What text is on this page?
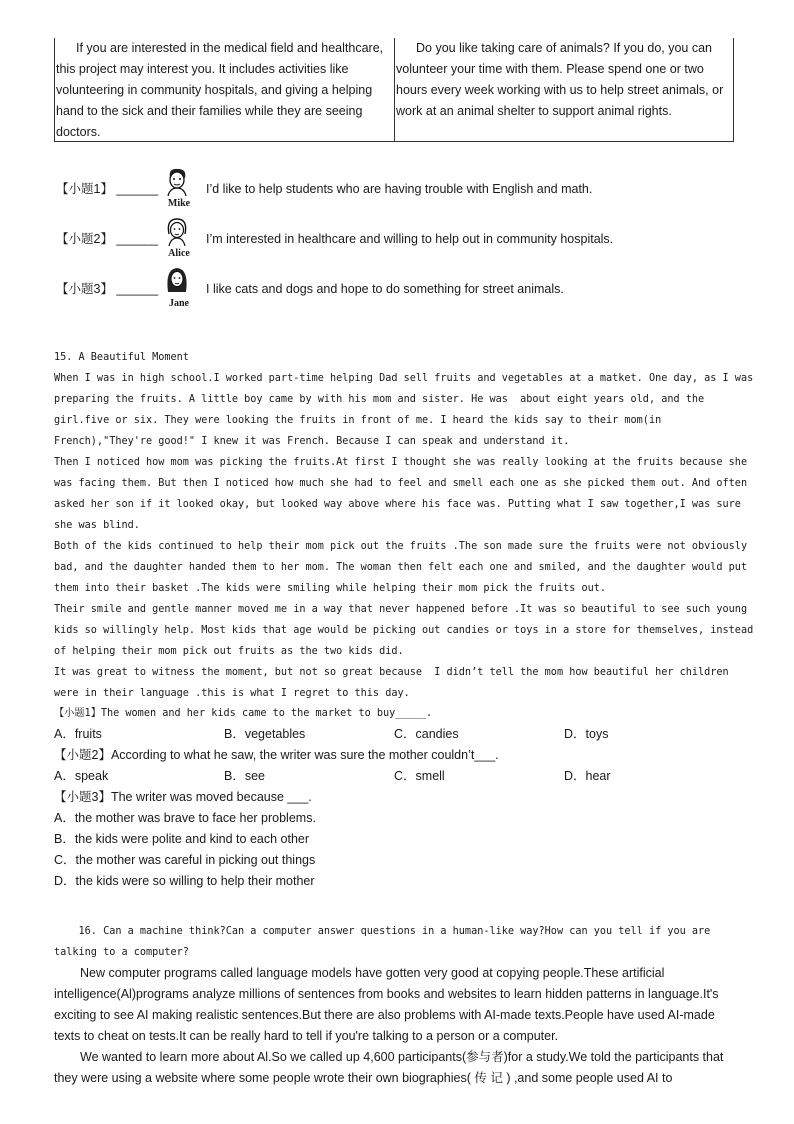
If you are interested in the medical field and healthcare, this project may interest you. It includes activities like volunteering in community hospitals, and giving a helping hand to the sick and their families while they are seeing doctors.

Do you like taking care of animals? If you do, you can volunteer your time with them. Please spend one or two hours every week working with us to help street animals, or work at an animal shelter to support animal rights.

【小题1】 ______
Mike
I’d like to help students who are having trouble with English and math.
【小题2】 ______
Alice
I’m interested in healthcare and willing to help out in community hospitals.
【小题3】 ______
Jane
I like cats and dogs and hope to do something for street animals.
15. A Beautiful Moment
When I was in high school.I worked part-time helping Dad sell fruits and vegetables at a matket. One day, as I was
preparing the fruits. A little boy came by with his mom and sister. He was  about eight years old, and the
girl.five or six. They were looking the fruits in front of me. I heard the kids say to their mom(in
French),"They're good!" I knew it was French. Because I can speak and understand it.
Then I noticed how mom was picking the fruits.At first I thought she was really looking at the fruits because she
was facing them. But then I noticed how much she had to feel and smell each one as she picked them out. And often
asked her son if it looked okay, but looked way above where his face was. Putting what I saw together,I was sure
she was blind.
Both of the kids continued to help their mom pick out the fruits .The son made sure the fruits were not obviously
bad, and the daughter handed them to her mom. The woman then felt each one and smiled, and the daughter would put
them into their basket .The kids were smiling while helping their mom pick the fruits out.
Their smile and gentle manner moved me in a way that never happened before .It was so beautiful to see such young
kids so willingly help. Most kids that age would be picking out candies or toys in a store for themselves, instead
of helping their mom pick out fruits as the two kids did.
It was great to witness the moment, but not so great because  I didn’t tell the mom how beautiful her children
were in their language .this is what I regret to this day.
【小题1】The women and her kids came to the market to buy_____.
A．fruits	B．vegetables	C．candies	D．toys
【小题2】According to what he saw, the writer was sure the mother couldn’t___.
A．speak	B．see	C．smell	D．hear
【小题3】The writer was moved because ___.
A．the mother was brave to face her problems.
B．the kids were polite and kind to each other
C．the mother was careful in picking out things
D．the kids were so willing to help their mother
16. Can a machine think?Can a computer answer questions in a human-like way?How can you tell if you are
talking to a computer?

New computer programs called language models have gotten very good at copying people.These artificial intelligence(Al)programs analyze millions of sentences from books and websites to learn hidden patterns in language.It's exciting to see AI making realistic sentences.But there are also problems with AI-made texts.People have used AI-made texts to cheat on tests.It can be really hard to tell if you're talking to a person or a computer.

We wanted to learn more about Al.So we called up 4,600 participants(参与者)for a study.We told the participants that they were using a website where some people wrote their own biographies( 传 记 ) ,and some people used AI to
